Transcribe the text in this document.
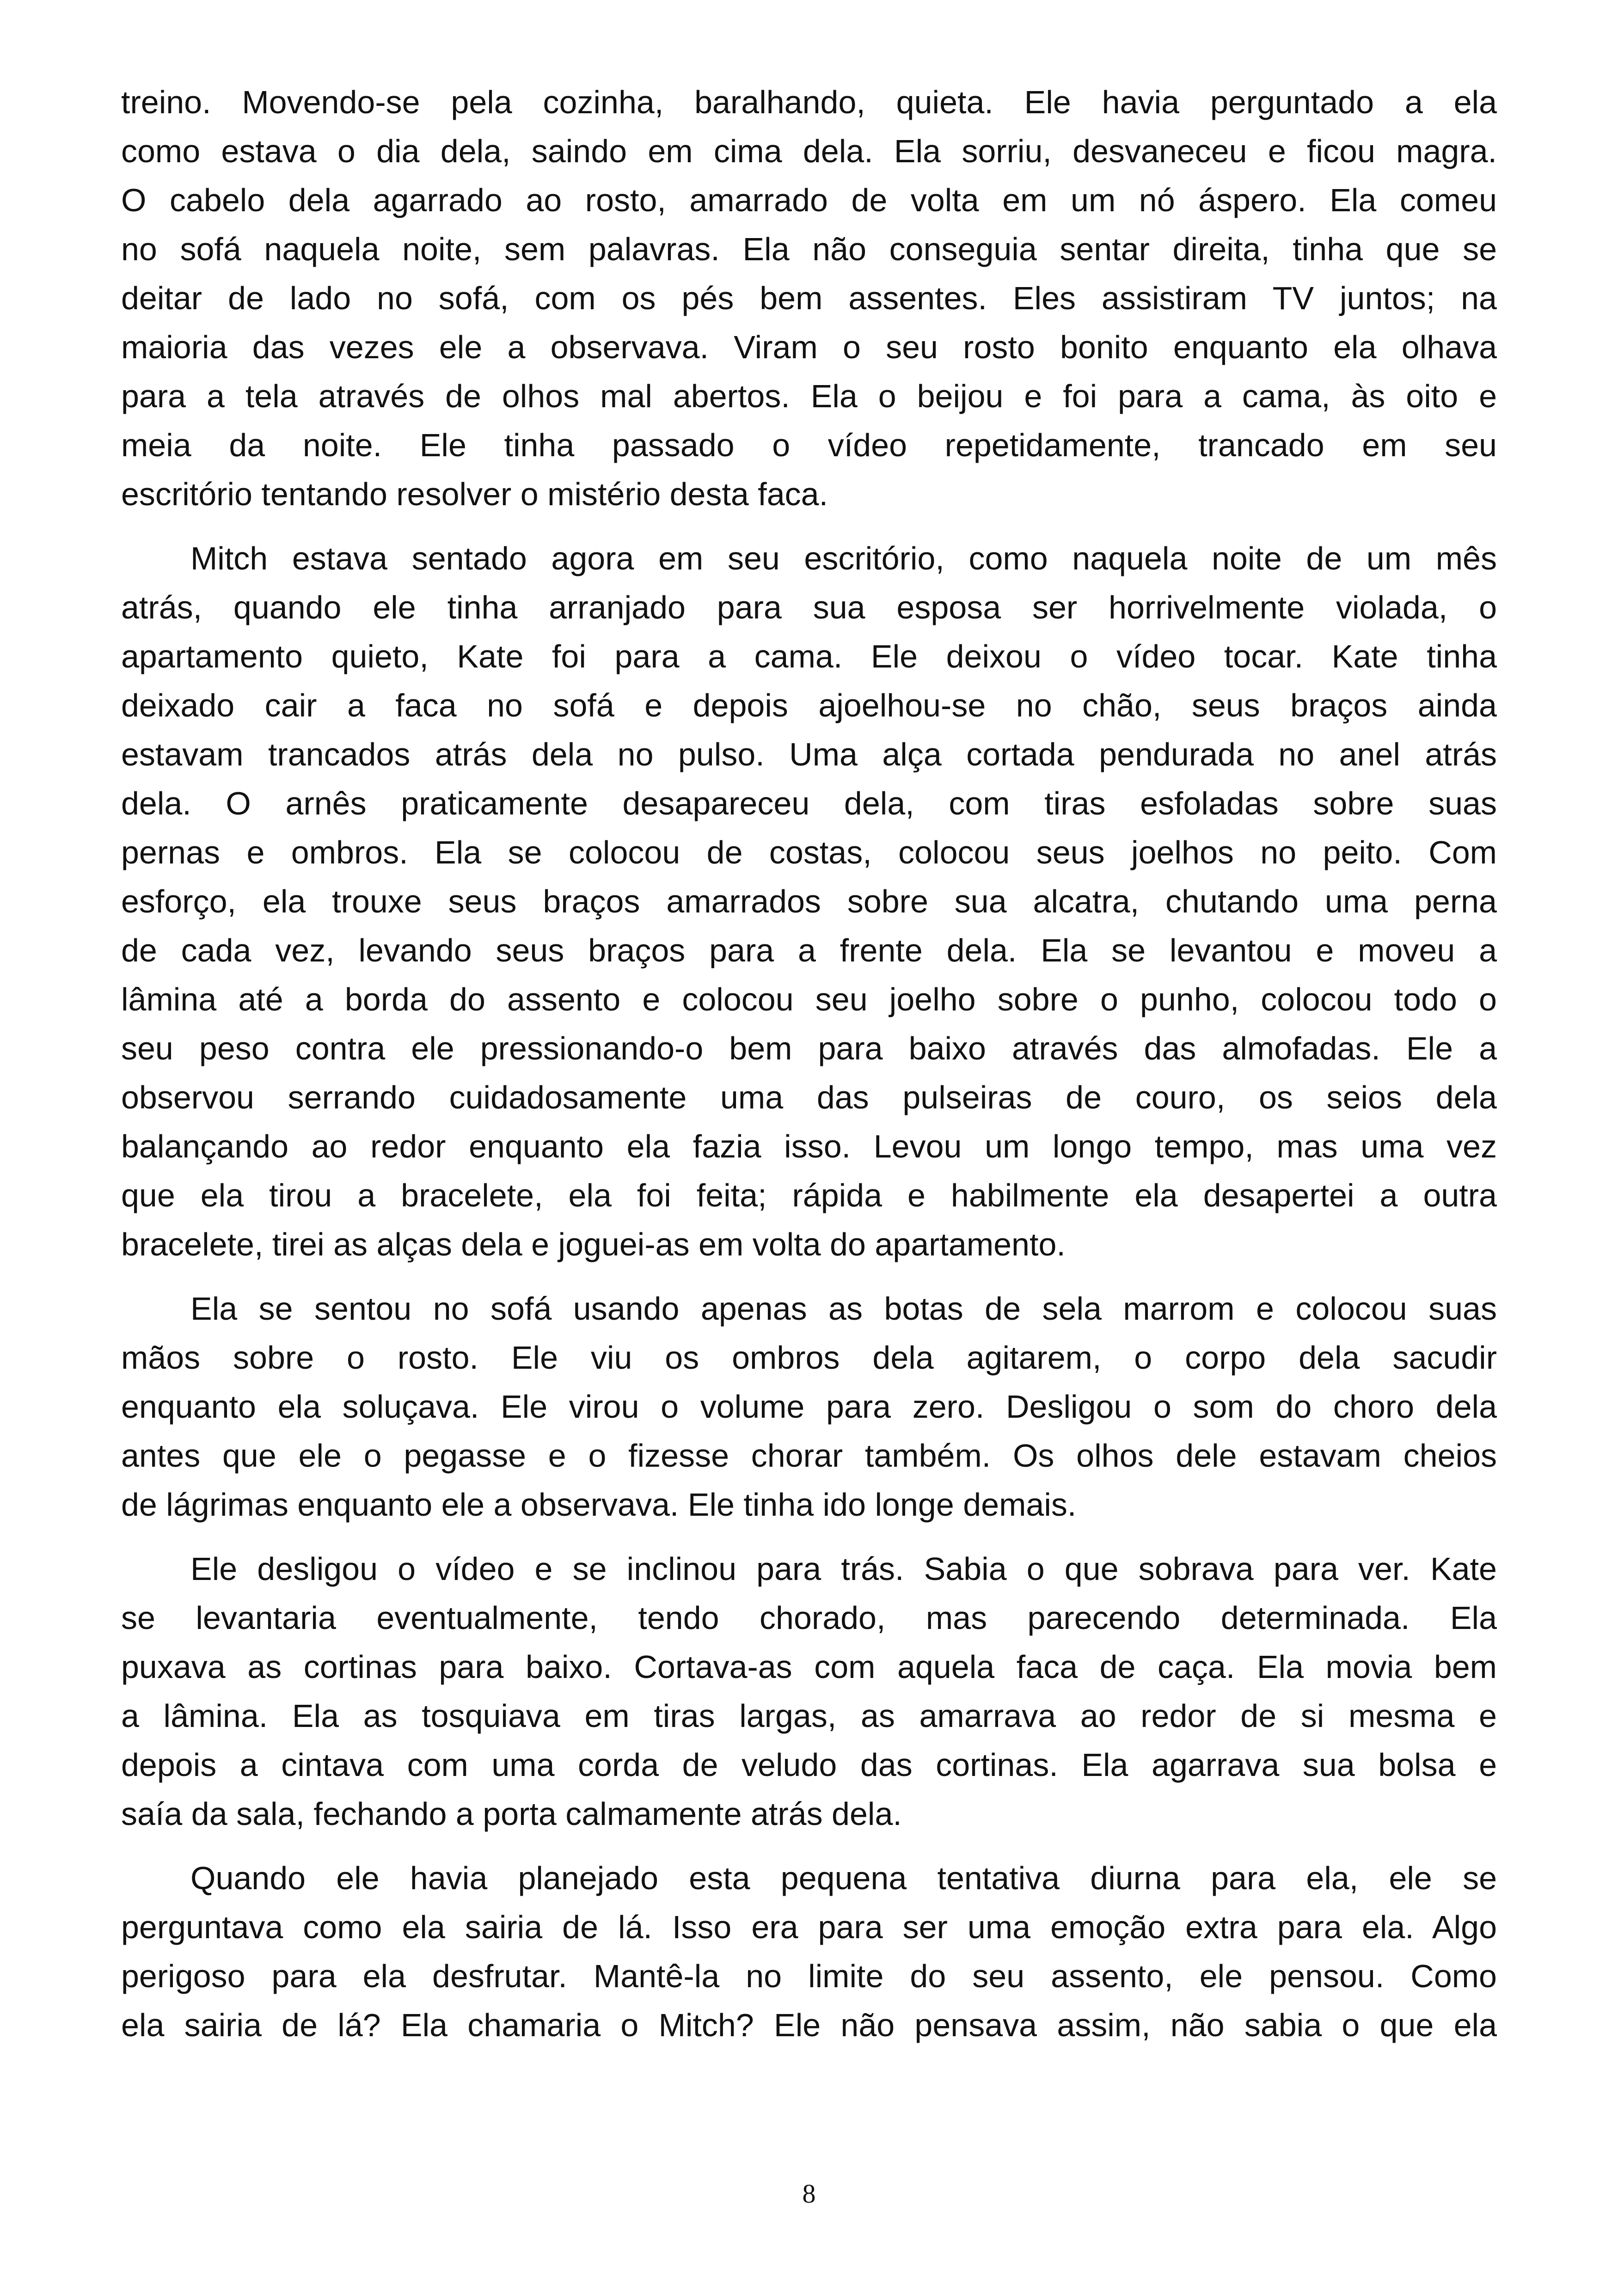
treino. Movendo-se pela cozinha, baralhando, quieta. Ele havia perguntado a ela
como estava o dia dela, saindo em cima dela. Ela sorriu, desvaneceu e ficou magra.
O cabelo dela agarrado ao rosto, amarrado de volta em um nó áspero. Ela comeu
no sofá naquela noite, sem palavras. Ela não conseguia sentar direita, tinha que se
deitar de lado no sofá, com os pés bem assentes. Eles assistiram TV juntos; na
maioria das vezes ele a observava. Viram o seu rosto bonito enquanto ela olhava
para a tela através de olhos mal abertos. Ela o beijou e foi para a cama, às oito e
meia da noite. Ele tinha passado o vídeo repetidamente, trancado em seu
escritório tentando resolver o mistério desta faca.
Mitch estava sentado agora em seu escritório, como naquela noite de um mês
atrás, quando ele tinha arranjado para sua esposa ser horrivelmente violada, o
apartamento quieto, Kate foi para a cama. Ele deixou o vídeo tocar. Kate tinha
deixado cair a faca no sofá e depois ajoelhou-se no chão, seus braços ainda
estavam trancados atrás dela no pulso. Uma alça cortada pendurada no anel atrás
dela. O arnês praticamente desapareceu dela, com tiras esfoladas sobre suas
pernas e ombros. Ela se colocou de costas, colocou seus joelhos no peito. Com
esforço, ela trouxe seus braços amarrados sobre sua alcatra, chutando uma perna
de cada vez, levando seus braços para a frente dela. Ela se levantou e moveu a
lâmina até a borda do assento e colocou seu joelho sobre o punho, colocou todo o
seu peso contra ele pressionando-o bem para baixo através das almofadas. Ele a
observou serrando cuidadosamente uma das pulseiras de couro, os seios dela
balançando ao redor enquanto ela fazia isso. Levou um longo tempo, mas uma vez
que ela tirou a bracelete, ela foi feita; rápida e habilmente ela desapertei a outra
bracelete, tirei as alças dela e joguei-as em volta do apartamento.
Ela se sentou no sofá usando apenas as botas de sela marrom e colocou suas
mãos sobre o rosto. Ele viu os ombros dela agitarem, o corpo dela sacudir
enquanto ela soluçava. Ele virou o volume para zero. Desligou o som do choro dela
antes que ele o pegasse e o fizesse chorar também. Os olhos dele estavam cheios
de lágrimas enquanto ele a observava. Ele tinha ido longe demais.
Ele desligou o vídeo e se inclinou para trás. Sabia o que sobrava para ver. Kate
se levantaria eventualmente, tendo chorado, mas parecendo determinada. Ela
puxava as cortinas para baixo. Cortava-as com aquela faca de caça. Ela movia bem
a lâmina. Ela as tosquiava em tiras largas, as amarrava ao redor de si mesma e
depois a cintava com uma corda de veludo das cortinas. Ela agarrava sua bolsa e
saía da sala, fechando a porta calmamente atrás dela.
Quando ele havia planejado esta pequena tentativa diurna para ela, ele se
perguntava como ela sairia de lá. Isso era para ser uma emoção extra para ela. Algo
perigoso para ela desfrutar. Mantê-la no limite do seu assento, ele pensou. Como
ela sairia de lá? Ela chamaria o Mitch? Ele não pensava assim, não sabia o que ela
8
